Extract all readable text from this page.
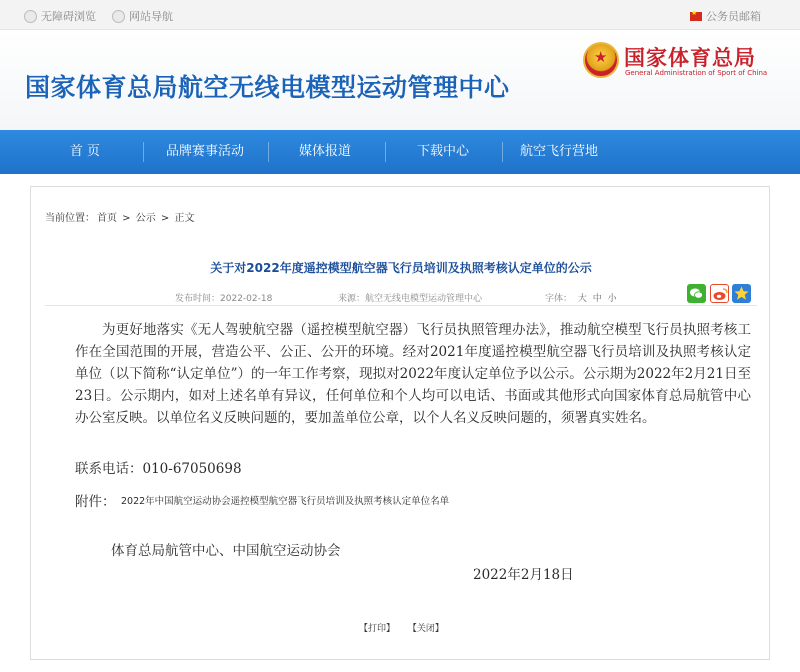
无障碍浏览	网站导航
★	公务员邮箱
国家体育总局航空无线电模型运动管理中心
★
国家体育总局
General Administration of Sport of China
首 页	品牌赛事活动	媒体报道	下载中心	航空飞行营地
当前位置： 首页 > 公示 > 正文
关于对2022年度遥控模型航空器飞行员培训及执照考核认定单位的公示
发布时间：2022-02-18	来源：航空无线电模型运动管理中心	字体： 大 中 小
为更好地落实《无人驾驶航空器（遥控模型航空器）飞行员执照管理办法》，推动航空模型飞行员执照考核工作在全国范围的开展，营造公平、公正、公开的环境。经对2021年度遥控模型航空器飞行员培训及执照考核认定单位（以下简称“认定单位”）的一年工作考察，现拟对2022年度认定单位予以公示。公示期为2022年2月21日至23日。公示期内，如对上述名单有异议，任何单位和个人均可以电话、书面或其他形式向国家体育总局航管中心办公室反映。以单位名义反映问题的，要加盖单位公章，以个人名义反映问题的，须署真实姓名。
联系电话：010-67050698
附件： 2022年中国航空运动协会遥控模型航空器飞行员培训及执照考核认定单位名单
体育总局航管中心、中国航空运动协会
2022年2月18日
【打印】 【关闭】
